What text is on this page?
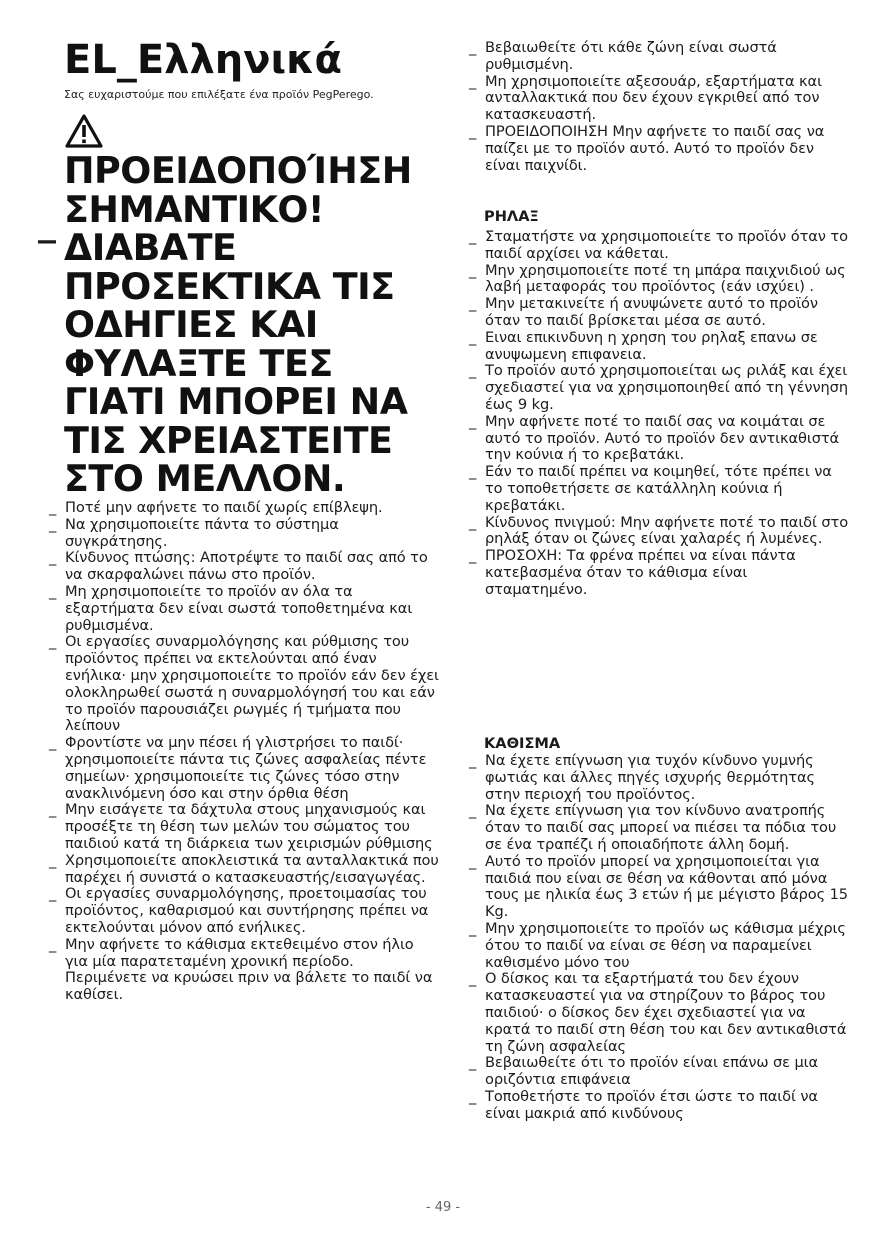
EL_Ελληνικά
Σας ευχαριστούμε που επιλέξατε ένα προϊόν PegPerego.
_
ΠΡΟΕΙΔΟΠΟΊΗΣΗ
ΣΗΜΑΝΤΙΚΟ! ΔΙΑΒΑΤΕ ΠΡΟΣΕΚΤΙΚΑ ΤΙΣ ΟΔΗΓΙΕΣ ΚΑΙ ΦΥΛΑΞΤΕ ΤΕΣ ΓΙΑΤΙ ΜΠΟΡΕΙ ΝΑ ΤΙΣ ΧΡΕΙΑΣΤΕΙΤΕ ΣΤΟ ΜΕΛΛΟΝ.
_ Ποτέ μην αφήνετε το παιδί χωρίς επίβλεψη.
_ Να χρησιμοποιείτε πάντα το σύστημα συγκράτησης.
_ Κίνδυνος πτώσης: Αποτρέψτε το παιδί σας από το να σκαρφαλώνει πάνω στο προϊόν.
_ Μη χρησιμοποιείτε το προϊόν αν όλα τα εξαρτήματα δεν είναι σωστά τοποθετημένα και ρυθμισμένα.
_ Οι εργασίες συναρμολόγησης και ρύθμισης του προϊόντος πρέπει να εκτελούνται από έναν ενήλικα· μην χρησιμοποιείτε το προϊόν εάν δεν έχει ολοκληρωθεί σωστά η συναρμολόγησή του και εάν το προϊόν παρουσιάζει ρωγμές ή τμήματα που λείπουν
_ Φροντίστε να μην πέσει ή γλιστρήσει το παιδί· χρησιμοποιείτε πάντα τις ζώνες ασφαλείας πέντε σημείων· χρησιμοποιείτε τις ζώνες τόσο στην ανακλινόμενη όσο και στην όρθια θέση
_ Μην εισάγετε τα δάχτυλα στους μηχανισμούς και προσέξτε τη θέση των μελών του σώματος του παιδιού κατά τη διάρκεια των χειρισμών ρύθμισης
_ Χρησιμοποιείτε αποκλειστικά τα ανταλλακτικά που παρέχει ή συνιστά ο κατασκευαστής/εισαγωγέας.
_ Οι εργασίες συναρμολόγησης, προετοιμασίας του προϊόντος, καθαρισμού και συντήρησης πρέπει να εκτελούνται μόνον από ενήλικες.
_ Μην αφήνετε το κάθισμα εκτεθειμένο στον ήλιο για μία παρατεταμένη χρονική περίοδο. Περιμένετε να κρυώσει πριν να βάλετε το παιδί να καθίσει.
_ Βεβαιωθείτε ότι κάθε ζώνη είναι σωστά ρυθμισμένη.
_ Μη χρησιμοποιείτε αξεσουάρ, εξαρτήματα και ανταλλακτικά που δεν έχουν εγκριθεί από τον κατασκευαστή.
_ ΠΡΟΕΙΔΟΠΟΙΗΣΗ Μην αφήνετε το παιδί σας να παίζει με το προϊόν αυτό. Αυτό το προϊόν δεν είναι παιχνίδι.
ΡΗΛΑΞ
_ Σταματήστε να χρησιμοποιείτε το προϊόν όταν το παιδί αρχίσει να κάθεται.
_ Μην χρησιμοποιείτε ποτέ τη μπάρα παιχνιδιού ως λαβή μεταφοράς του προϊόντος (εάν ισχύει) .
_ Μην μετακινείτε ή ανυψώνετε αυτό το προϊόν όταν το παιδί βρίσκεται μέσα σε αυτό.
_ Ειναι επικινδυνη η χρηση του ρηλαξ επανω σε ανυψωμενη επιφανεια.
_ Το προϊόν αυτό χρησιμοποιείται ως ριλάξ και έχει σχεδιαστεί για να χρησιμοποιηθεί από τη γέννηση έως 9 kg.
_ Μην αφήνετε ποτέ το παιδί σας να κοιμάται σε αυτό το προϊόν. Αυτό το προϊόν δεν αντικαθιστά την κούνια ή το κρεβατάκι.
_ Εάν το παιδί πρέπει να κοιμηθεί, τότε πρέπει να το τοποθετήσετε σε κατάλληλη κούνια ή κρεβατάκι.
_ Κίνδυνος πνιγμού: Μην αφήνετε ποτέ το παιδί στο ρηλάξ όταν οι ζώνες είναι χαλαρές ή λυμένες.
_ ΠΡΟΣΟΧΗ: Τα φρένα πρέπει να είναι πάντα κατεβασμένα όταν το κάθισμα είναι σταματημένο.
ΚΑΘΙΣΜΑ
_ Να έχετε επίγνωση για τυχόν κίνδυνο γυμνής φωτιάς και άλλες πηγές ισχυρής θερμότητας στην περιοχή του προϊόντος.
_ Να έχετε επίγνωση για τον κίνδυνο ανατροπής όταν το παιδί σας μπορεί να πιέσει τα πόδια του σε ένα τραπέζι ή οποιαδήποτε άλλη δομή.
_ Αυτό το προϊόν μπορεί να χρησιμοποιείται για παιδιά που είναι σε θέση να κάθονται από μόνα τους με ηλικία έως 3 ετών ή με μέγιστο βάρος 15 Kg.
_ Μην χρησιμοποιείτε το προϊόν ως κάθισμα μέχρις ότου το παιδί να είναι σε θέση να παραμείνει καθισμένο μόνο του
_ Ο δίσκος και τα εξαρτήματά του δεν έχουν κατασκευαστεί για να στηρίζουν το βάρος του παιδιού· ο δίσκος δεν έχει σχεδιαστεί για να κρατά το παιδί στη θέση του και δεν αντικαθιστά τη ζώνη ασφαλείας
_ Βεβαιωθείτε ότι το προϊόν είναι επάνω σε μια οριζόντια επιφάνεια
_ Τοποθετήστε το προϊόν έτσι ώστε το παιδί να είναι μακριά από κινδύνους
- 49 -
